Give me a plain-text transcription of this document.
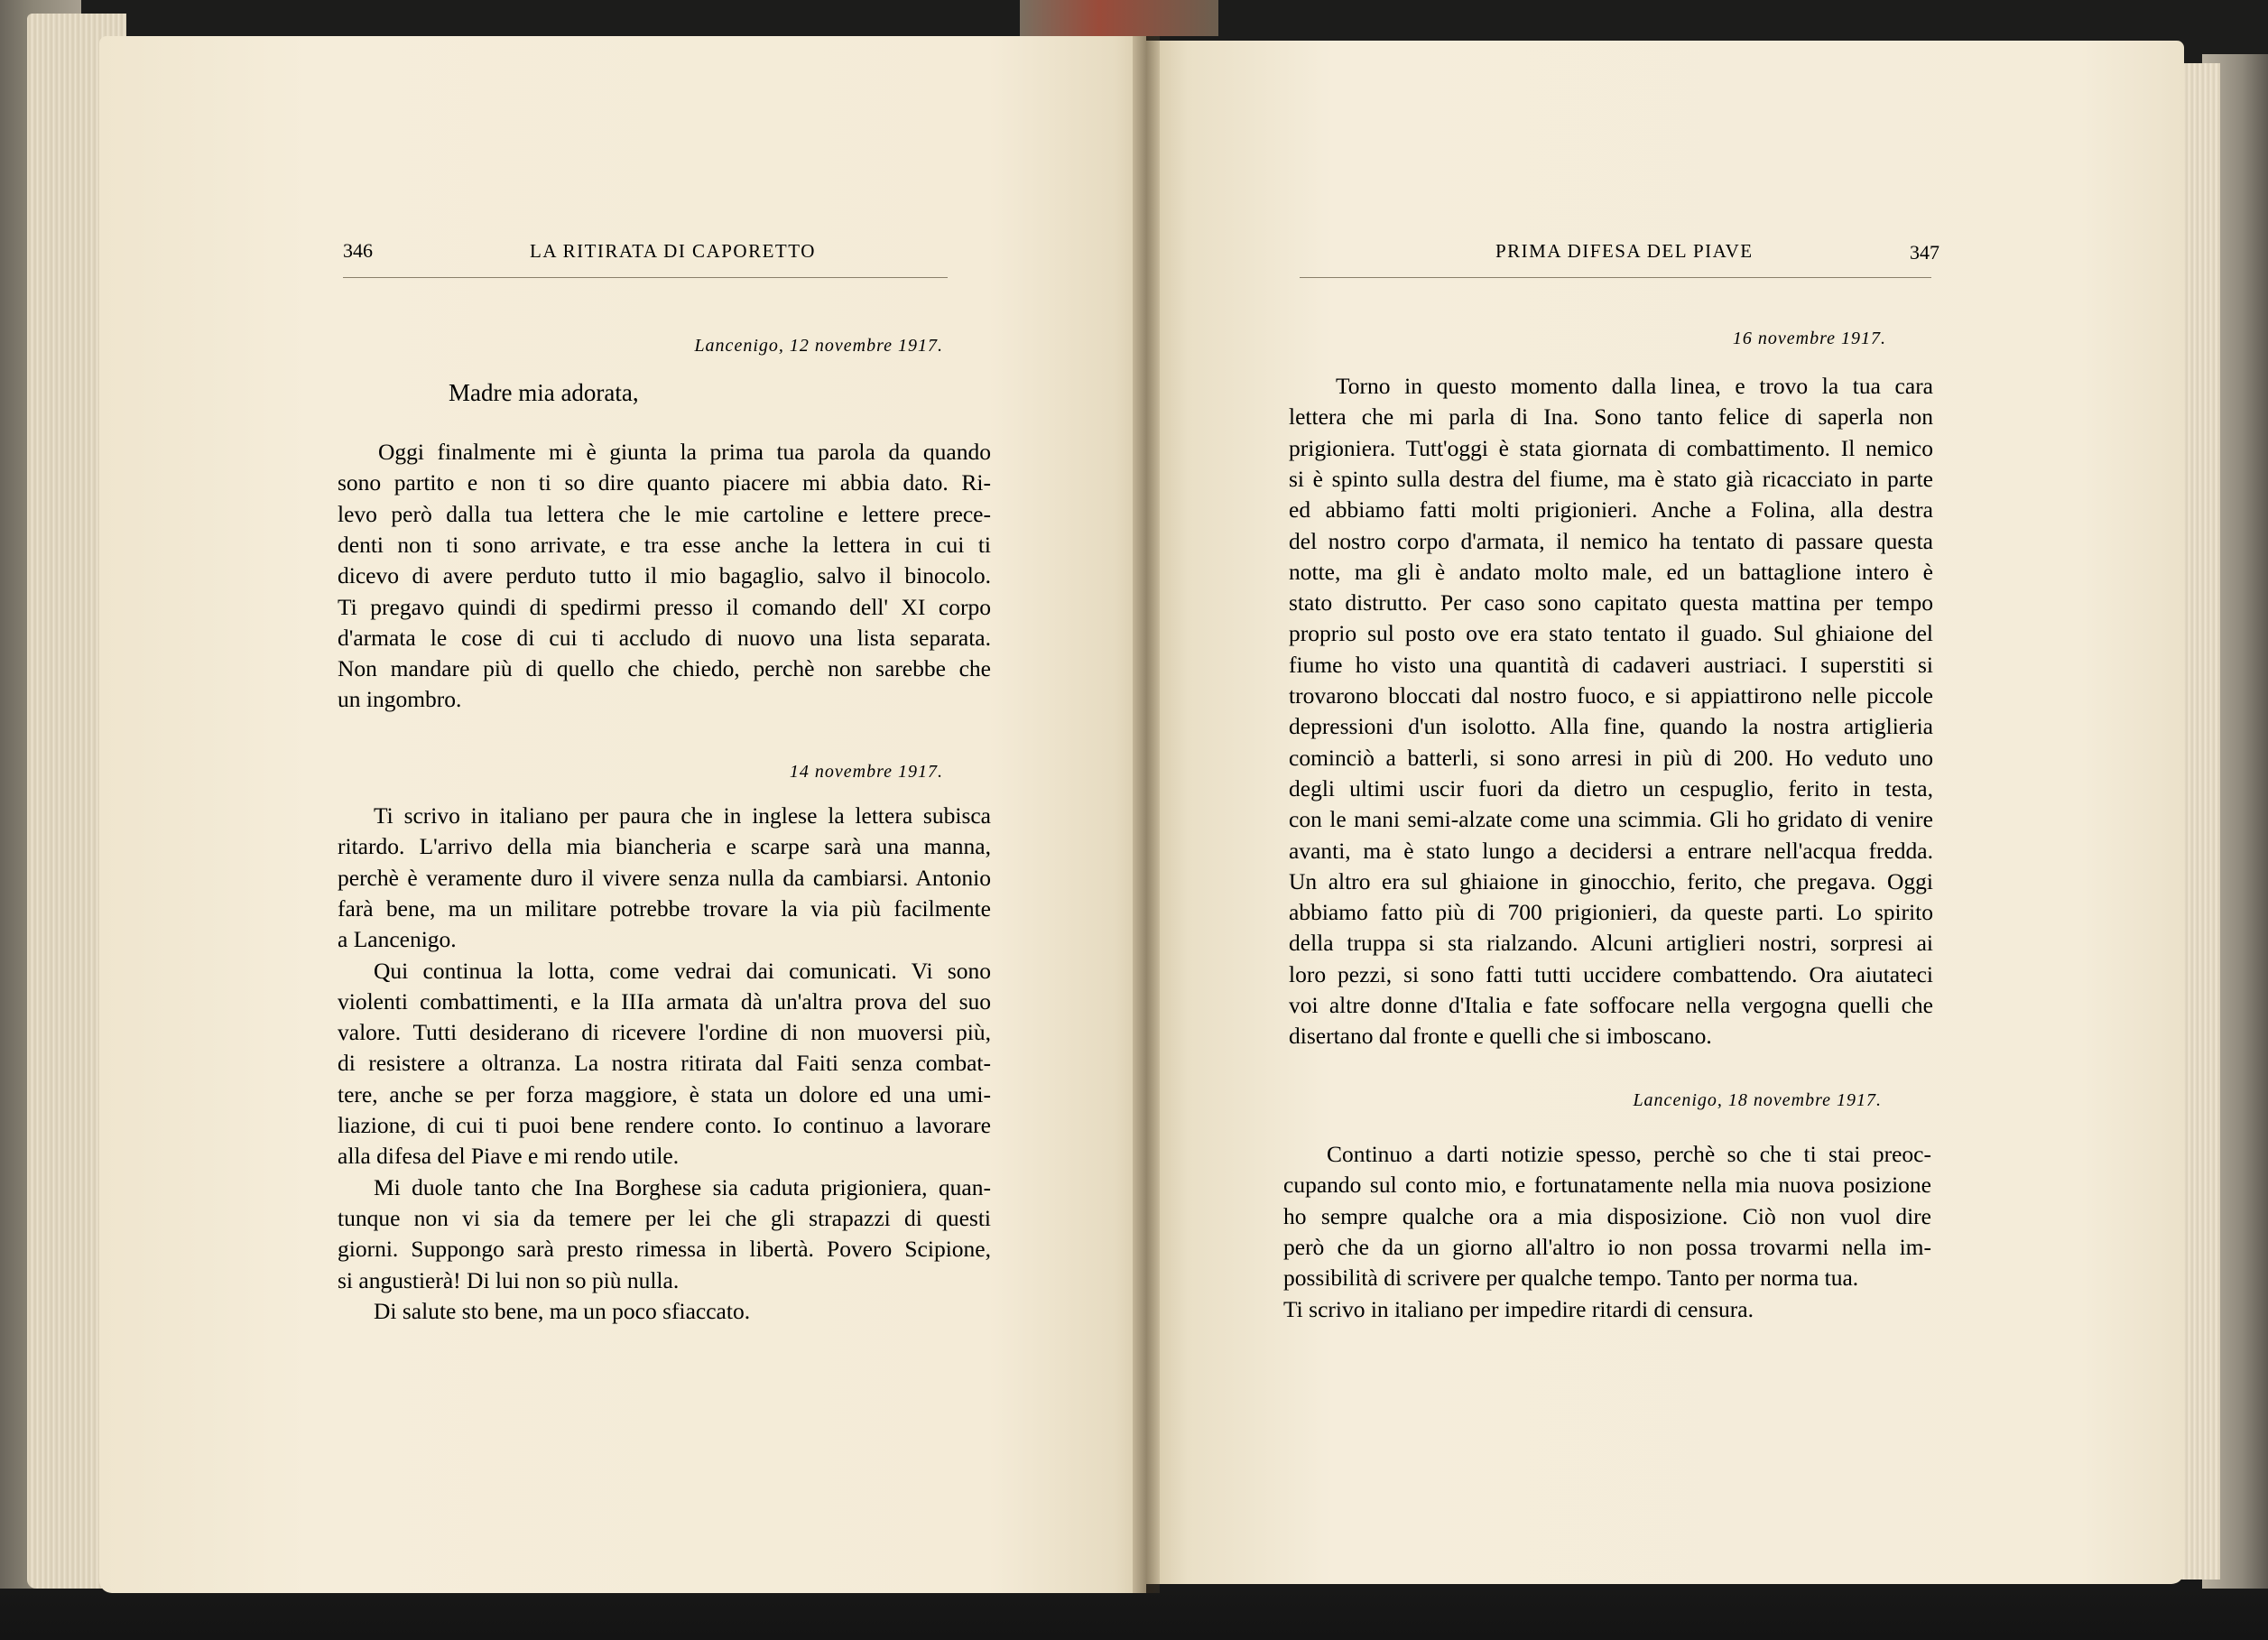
346	LA RITIRATA DI CAPORETTO
Lancenigo, 12 novembre 1917.
Madre mia adorata,
Oggi finalmente mi è giunta la prima tua parola da quando
sono partito e non ti so dire quanto piacere mi abbia dato. Ri-
levo però dalla tua lettera che le mie cartoline e lettere prece-
denti non ti sono arrivate, e tra esse anche la lettera in cui ti
dicevo di avere perduto tutto il mio bagaglio, salvo il binocolo.
Ti pregavo quindi di spedirmi presso il comando dell' XI corpo
d'armata le cose di cui ti accludo di nuovo una lista separata.
Non mandare più di quello che chiedo, perchè non sarebbe che
un ingombro.
14 novembre 1917.
Ti scrivo in italiano per paura che in inglese la lettera subisca
ritardo. L'arrivo della mia biancheria e scarpe sarà una manna,
perchè è veramente duro il vivere senza nulla da cambiarsi. Antonio
farà bene, ma un militare potrebbe trovare la via più facilmente
a Lancenigo.
Qui continua la lotta, come vedrai dai comunicati. Vi sono
violenti combattimenti, e la IIIa armata dà un'altra prova del suo
valore. Tutti desiderano di ricevere l'ordine di non muoversi più,
di resistere a oltranza. La nostra ritirata dal Faiti senza combat-
tere, anche se per forza maggiore, è stata un dolore ed una umi-
liazione, di cui ti puoi bene rendere conto. Io continuo a lavorare
alla difesa del Piave e mi rendo utile.
Mi duole tanto che Ina Borghese sia caduta prigioniera, quan-
tunque non vi sia da temere per lei che gli strapazzi di questi
giorni. Suppongo sarà presto rimessa in libertà. Povero Scipione,
si angustierà! Di lui non so più nulla.
Di salute sto bene, ma un poco sfiaccato.
PRIMA DIFESA DEL PIAVE	347
16 novembre 1917.
Torno in questo momento dalla linea, e trovo la tua cara
lettera che mi parla di Ina. Sono tanto felice di saperla non
prigioniera. Tutt'oggi è stata giornata di combattimento. Il nemico
si è spinto sulla destra del fiume, ma è stato già ricacciato in parte
ed abbiamo fatti molti prigionieri. Anche a Folina, alla destra
del nostro corpo d'armata, il nemico ha tentato di passare questa
notte, ma gli è andato molto male, ed un battaglione intero è
stato distrutto. Per caso sono capitato questa mattina per tempo
proprio sul posto ove era stato tentato il guado. Sul ghiaione del
fiume ho visto una quantità di cadaveri austriaci. I superstiti si
trovarono bloccati dal nostro fuoco, e si appiattirono nelle piccole
depressioni d'un isolotto. Alla fine, quando la nostra artiglieria
cominciò a batterli, si sono arresi in più di 200. Ho veduto uno
degli ultimi uscir fuori da dietro un cespuglio, ferito in testa,
con le mani semi-alzate come una scimmia. Gli ho gridato di venire
avanti, ma è stato lungo a decidersi a entrare nell'acqua fredda.
Un altro era sul ghiaione in ginocchio, ferito, che pregava. Oggi
abbiamo fatto più di 700 prigionieri, da queste parti. Lo spirito
della truppa si sta rialzando. Alcuni artiglieri nostri, sorpresi ai
loro pezzi, si sono fatti tutti uccidere combattendo. Ora aiutateci
voi altre donne d'Italia e fate soffocare nella vergogna quelli che
disertano dal fronte e quelli che si imboscano.
Lancenigo, 18 novembre 1917.
Continuo a darti notizie spesso, perchè so che ti stai preoc-
cupando sul conto mio, e fortunatamente nella mia nuova posizione
ho sempre qualche ora a mia disposizione. Ciò non vuol dire
però che da un giorno all'altro io non possa trovarmi nella im-
possibilità di scrivere per qualche tempo. Tanto per norma tua.
Ti scrivo in italiano per impedire ritardi di censura.
